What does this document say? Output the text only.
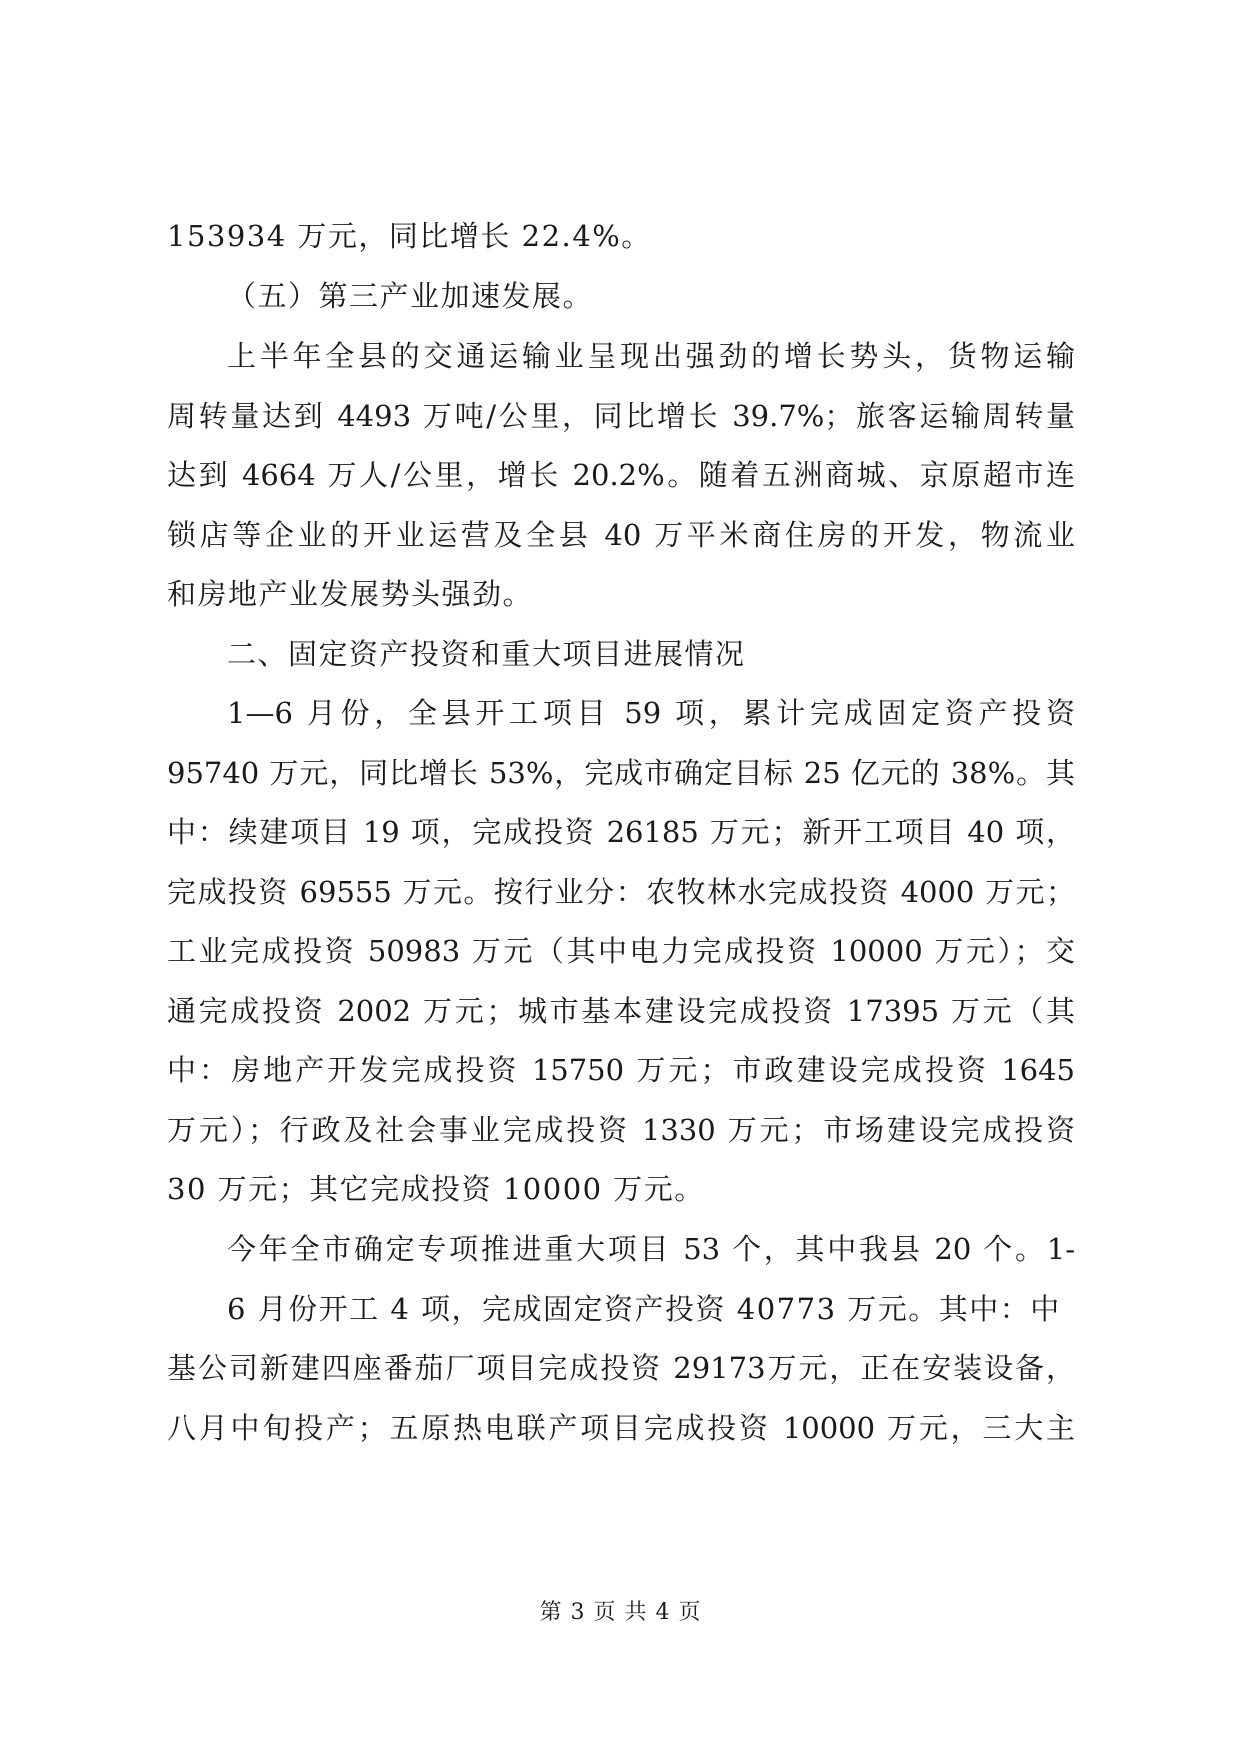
153934 万元，同比增长 22.4%。
（五）第三产业加速发展。
上半年全县的交通运输业呈现出强劲的增长势头，货物运输
周转量达到 4493 万吨/公里，同比增长 39.7%；旅客运输周转量
达到 4664 万人/公里，增长 20.2%。随着五洲商城、京原超市连
锁店等企业的开业运营及全县 40 万平米商住房的开发，物流业
和房地产业发展势头强劲。
二、固定资产投资和重大项目进展情况
1—6 月份，全县开工项目 59 项，累计完成固定资产投资
95740 万元，同比增长 53%，完成市确定目标 25 亿元的 38%。其
中：续建项目 19 项，完成投资 26185 万元；新开工项目 40 项，
完成投资 69555 万元。按行业分：农牧林水完成投资 4000 万元；
工业完成投资 50983 万元（其中电力完成投资 10000 万元）；交
通完成投资 2002 万元；城市基本建设完成投资 17395 万元（其
中：房地产开发完成投资 15750 万元；市政建设完成投资 1645
万元）；行政及社会事业完成投资 1330 万元；市场建设完成投资
30 万元；其它完成投资 10000 万元。
今年全市确定专项推进重大项目 53 个，其中我县 20 个。1-
6 月份开工 4 项，完成固定资产投资 40773 万元。其中：中
基公司新建四座番茄厂项目完成投资 29173万元，正在安装设备，
八月中旬投产；五原热电联产项目完成投资 10000 万元，三大主
第 3 页 共 4 页
